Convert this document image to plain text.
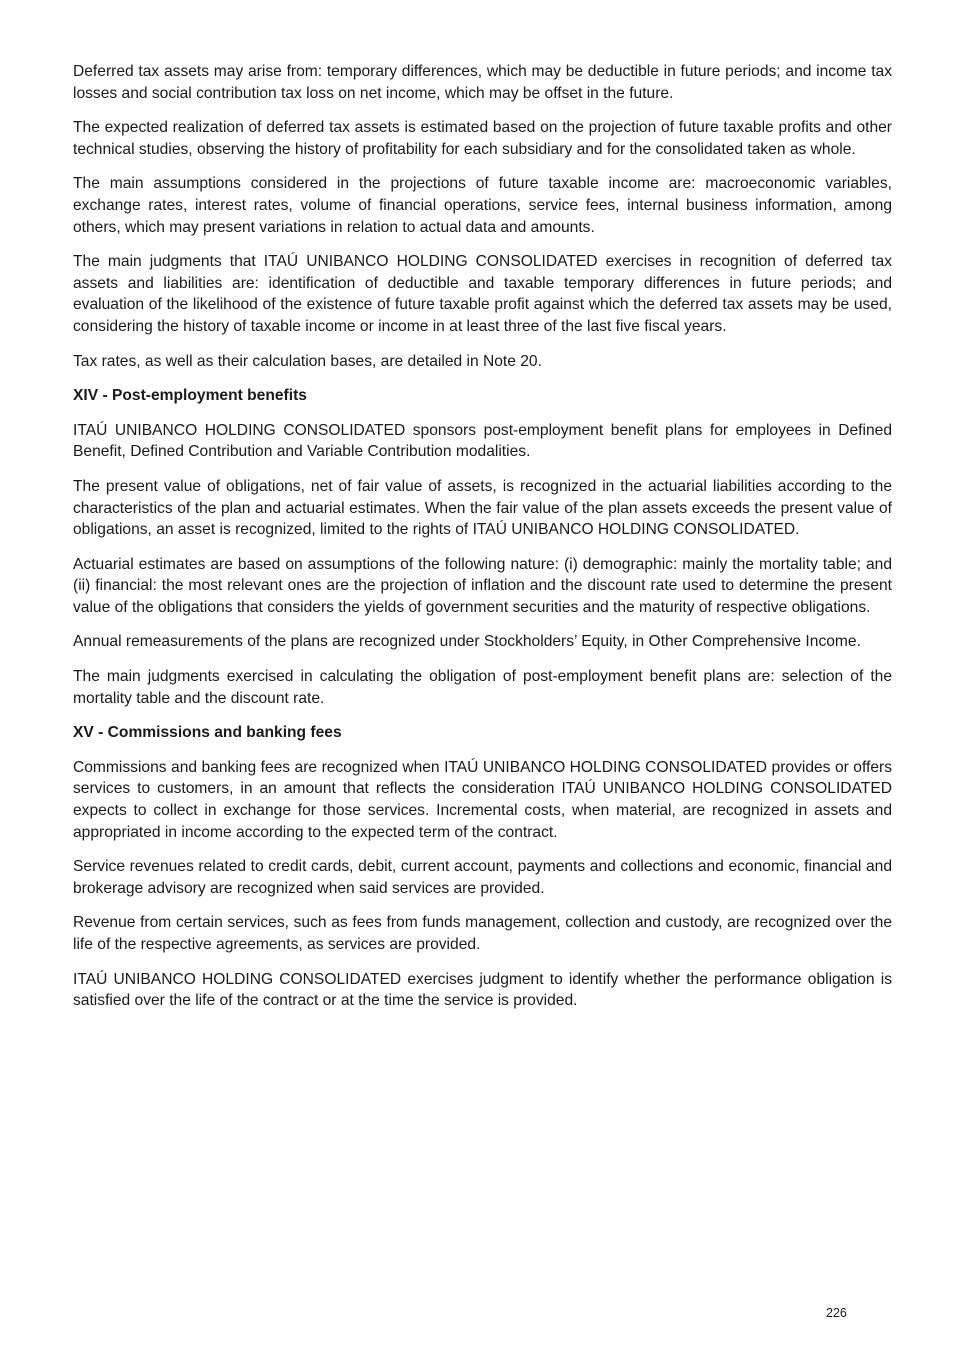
Deferred tax assets may arise from: temporary differences, which may be deductible in future periods; and income tax losses and social contribution tax loss on net income, which may be offset in the future.

The expected realization of deferred tax assets is estimated based on the projection of future taxable profits and other technical studies, observing the history of profitability for each subsidiary and for the consolidated taken as whole.

The main assumptions considered in the projections of future taxable income are: macroeconomic variables, exchange rates, interest rates, volume of financial operations, service fees, internal business information, among others, which may present variations in relation to actual data and amounts.

The main judgments that ITAÚ UNIBANCO HOLDING CONSOLIDATED exercises in recognition of deferred tax assets and liabilities are: identification of deductible and taxable temporary differences in future periods; and evaluation of the likelihood of the existence of future taxable profit against which the deferred tax assets may be used, considering the history of taxable income or income in at least three of the last five fiscal years.

Tax rates, as well as their calculation bases, are detailed in Note 20.

XIV - Post-employment benefits

ITAÚ UNIBANCO HOLDING CONSOLIDATED sponsors post-employment benefit plans for employees in Defined Benefit, Defined Contribution and Variable Contribution modalities.

The present value of obligations, net of fair value of assets, is recognized in the actuarial liabilities according to the characteristics of the plan and actuarial estimates. When the fair value of the plan assets exceeds the present value of obligations, an asset is recognized, limited to the rights of ITAÚ UNIBANCO HOLDING CONSOLIDATED.

Actuarial estimates are based on assumptions of the following nature: (i) demographic: mainly the mortality table; and (ii) financial: the most relevant ones are the projection of inflation and the discount rate used to determine the present value of the obligations that considers the yields of government securities and the maturity of respective obligations.

Annual remeasurements of the plans are recognized under Stockholders’ Equity, in Other Comprehensive Income.

The main judgments exercised in calculating the obligation of post-employment benefit plans are: selection of the mortality table and the discount rate.

XV - Commissions and banking fees

Commissions and banking fees are recognized when ITAÚ UNIBANCO HOLDING CONSOLIDATED provides or offers services to customers, in an amount that reflects the consideration ITAÚ UNIBANCO HOLDING CONSOLIDATED expects to collect in exchange for those services. Incremental costs, when material, are recognized in assets and appropriated in income according to the expected term of the contract.

Service revenues related to credit cards, debit, current account, payments and collections and economic, financial and brokerage advisory are recognized when said services are provided.

Revenue from certain services, such as fees from funds management, collection and custody, are recognized over the life of the respective agreements, as services are provided.

ITAÚ UNIBANCO HOLDING CONSOLIDATED exercises judgment to identify whether the performance obligation is satisfied over the life of the contract or at the time the service is provided.

226
